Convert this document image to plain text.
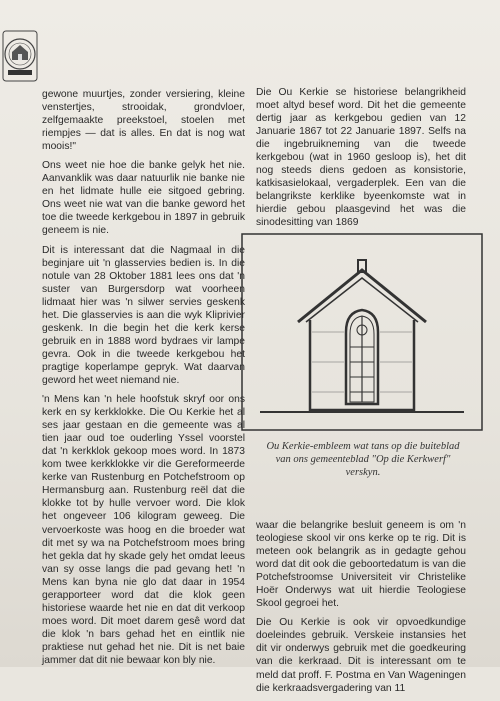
gewone muurtjes, zonder versiering, kleine venstertjes, strooidak, grondvloer, zelfgemaakte preekstoel, stoelen met riempjes — dat is alles. En dat is nog wat moois!"

Ons weet nie hoe die banke gelyk het nie. Aanvanklik was daar natuurlik nie banke nie en het lidmate hulle eie sitgoed gebring. Ons weet nie wat van die banke geword het toe die tweede kerkgebou in 1897 in gebruik geneem is nie.

Dit is interessant dat die Nagmaal in die beginjare uit 'n glasservies bedien is. In die notule van 28 Oktober 1881 lees ons dat 'n suster van Burgersdorp wat voorheen lidmaat hier was 'n silwer servies geskenk het. Die glasservies is aan die wyk Kliprivier geskenk. In die begin het die kerk kerse gebruik en in 1888 word bydraes vir lampe gevra. Ook in die tweede kerkgebou het pragtige koperlampe gepryk. Wat daarvan geword het weet niemand nie.

'n Mens kan 'n hele hoofstuk skryf oor ons kerk en sy kerkklokke. Die Ou Kerkie het al ses jaar gestaan en die gemeente was al tien jaar oud toe ouderling Yssel voorstel dat 'n kerkklok gekoop moes word. In 1873 kom twee kerkklokke vir die Gereformeerde kerke van Rustenburg en Potchefstroom op Hermansburg aan. Rustenburg reël dat die klokke tot by hulle vervoer word. Die klok het ongeveer 106 kilogram geweeg. Die vervoerkoste was hoog en die broeder wat dit met sy wa na Potchefstroom moes bring het gekla dat hy skade gely het omdat leeus van sy osse langs die pad gevang het! 'n Mens kan byna nie glo dat daar in 1954 gerapporteer word dat die klok geen historiese waarde het nie en dat dit verkoop moes word. Dit moet darem gesê word dat die klok 'n bars gehad het en eintlik nie praktiese nut gehad het nie. Dit is net baie jammer dat dit nie bewaar kon bly nie.

Die Ou Kerkie se historiese belangrikheid moet altyd besef word. Dit het die gemeente dertig jaar as kerkgebou gedien van 12 Januarie 1867 tot 22 Januarie 1897. Selfs na die ingebruikneming van die tweede kerkgebou (wat in 1960 gesloop is), het dit nog steeds diens gedoen as konsistorie, katkisasielokaal, vergaderplek. Een van die belangrikste kerklike byeenkomste wat in hierdie gebou plaasgevind het was die sinodesitting van 1869

Ou Kerkie-embleem wat tans op die buiteblad
van ons gemeenteblad "Op die Kerkwerf"
verskyn.

waar die belangrike besluit geneem is om 'n teologiese skool vir ons kerke op te rig. Dit is meteen ook belangrik as in gedagte gehou word dat dit ook die geboortedatum is van die Potchefstroomse Universiteit vir Christelike Hoër Onderwys wat uit hierdie Teologiese Skool gegroei het.

Die Ou Kerkie is ook vir opvoedkundige doeleindes gebruik. Verskeie instansies het dit vir onderwys gebruik met die goedkeuring van die kerkraad. Dit is interessant om te meld dat proff. F. Postma en Van Wageningen die kerkraadsvergadering van 11
